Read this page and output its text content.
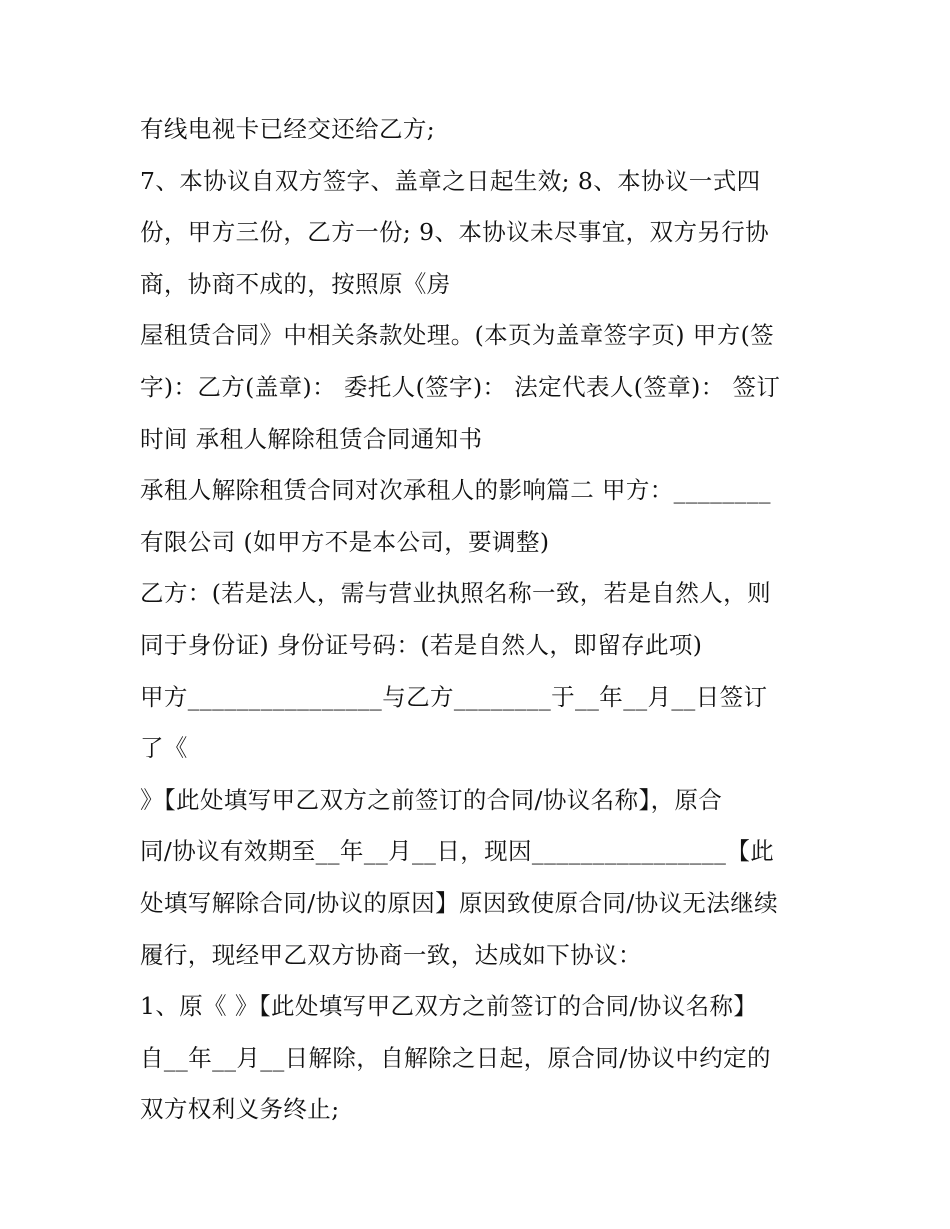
有线电视卡已经交还给乙方;
7、本协议自双方签字、盖章之日起生效; 8、本协议一式四
份，甲方三份，乙方一份; 9、本协议未尽事宜，双方另行协
商，协商不成的，按照原《房
屋租赁合同》中相关条款处理。(本页为盖章签字页) 甲方(签
字)：乙方(盖章)： 委托人(签字)： 法定代表人(签章)： 签订
时间 承租人解除租赁合同通知书
承租人解除租赁合同对次承租人的影响篇二 甲方：________
有限公司 (如甲方不是本公司，要调整)
乙方：(若是法人，需与营业执照名称一致，若是自然人，则
同于身份证) 身份证号码：(若是自然人，即留存此项)
甲方________________与乙方________于__年__月__日签订
了《
》【此处填写甲乙双方之前签订的合同/协议名称】，原合
同/协议有效期至__年__月__日，现因________________【此
处填写解除合同/协议的原因】原因致使原合同/协议无法继续
履行，现经甲乙双方协商一致，达成如下协议：
1、原《 》【此处填写甲乙双方之前签订的合同/协议名称】
自__年__月__日解除，自解除之日起，原合同/协议中约定的
双方权利义务终止;
